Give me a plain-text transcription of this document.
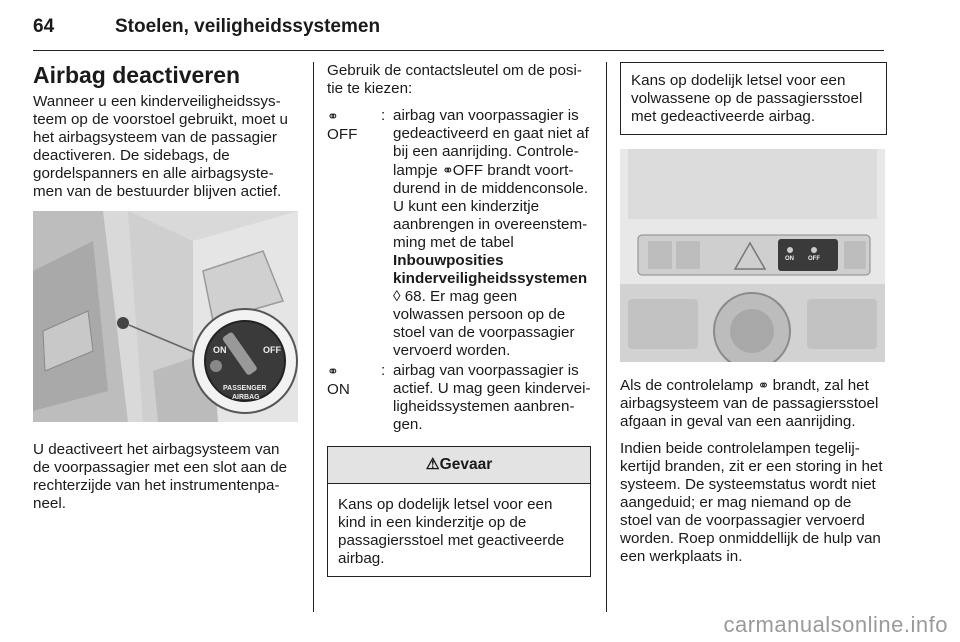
64	Stoelen, veiligheidssystemen
Airbag deactiveren

Wanneer u een kinderveiligheidssysteem op de voorstoel gebruikt, moet u het airbagsysteem van de passagier deactiveren. De sidebags, de gordelspanners en alle airbagsystemen van de bestuurder blijven actief.

ON	OFF
PASSENGER
AIRBAG

U deactiveert het airbagsysteem van de voorpassagier met een slot aan de rechterzijde van het instrumentenpaneel.

Gebruik de contactsleutel om de positie te kiezen:

⚭
OFF
: airbag van voorpassagier is gedeactiveerd en gaat niet af bij een aanrijding. Controlelampje ⚭OFF brandt voortdurend in de middenconsole. U kunt een kinderzitje aanbrengen in overeenstemming met de tabel Inbouwposities kinderveiligheidssystemen ◊ 68. Er mag geen volwassen persoon op de stoel van de voorpassagier vervoerd worden.
⚭
ON
: airbag van voorpassagier is actief. U mag geen kinderveiligheidssystemen aanbrengen.
⚠Gevaar
Kans op dodelijk letsel voor een kind in een kinderzitje op de passagiersstoel met geactiveerde airbag.
Kans op dodelijk letsel voor een volwassene op de passagiersstoel met gedeactiveerde airbag.
ON OFF

Als de controlelamp ⚭ brandt, zal het airbagsysteem van de passagiersstoel afgaan in geval van een aanrijding.

Indien beide controlelampen tegelijkertijd branden, zit er een storing in het systeem. De systeemstatus wordt niet aangeduid; er mag niemand op de stoel van de voorpassagier vervoerd worden. Roep onmiddellijk de hulp van een werkplaats in.

carmanualsonline.info
